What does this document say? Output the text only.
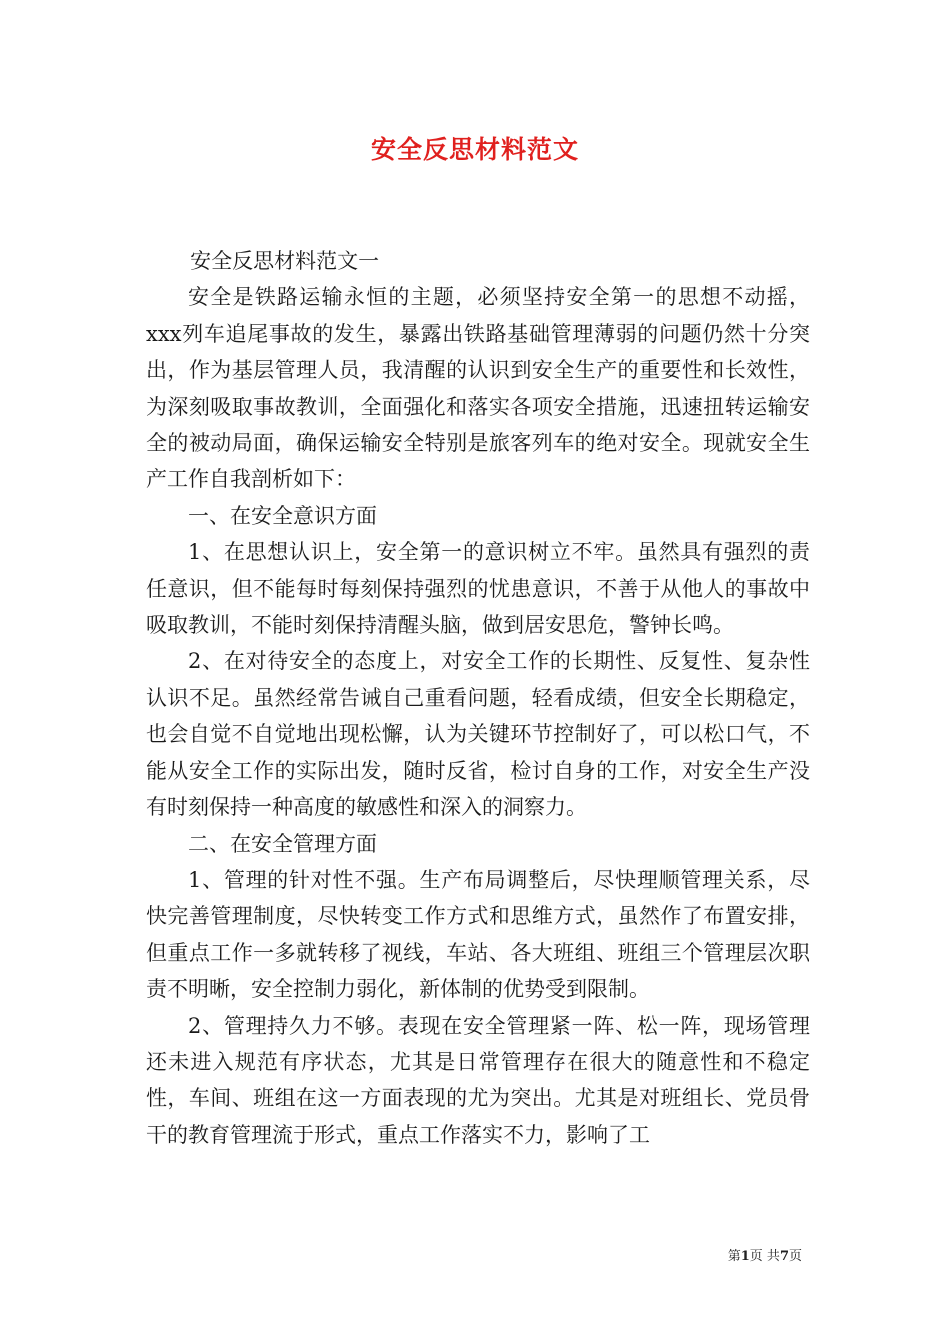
安全反思材料范文

安全反思材料范文一

安全是铁路运输永恒的主题，必须坚持安全第一的思想不动摇，xxx列车追尾事故的发生，暴露出铁路基础管理薄弱的问题仍然十分突出，作为基层管理人员，我清醒的认识到安全生产的重要性和长效性，为深刻吸取事故教训，全面强化和落实各项安全措施，迅速扭转运输安全的被动局面，确保运输安全特别是旅客列车的绝对安全。现就安全生产工作自我剖析如下：

一、在安全意识方面

1、在思想认识上，安全第一的意识树立不牢。虽然具有强烈的责任意识，但不能每时每刻保持强烈的忧患意识，不善于从他人的事故中吸取教训，不能时刻保持清醒头脑，做到居安思危，警钟长鸣。

2、在对待安全的态度上，对安全工作的长期性、反复性、复杂性认识不足。虽然经常告诫自己重看问题，轻看成绩，但安全长期稳定，也会自觉不自觉地出现松懈，认为关键环节控制好了，可以松口气，不能从安全工作的实际出发，随时反省，检讨自身的工作，对安全生产没有时刻保持一种高度的敏感性和深入的洞察力。

二、在安全管理方面

1、管理的针对性不强。生产布局调整后，尽快理顺管理关系，尽快完善管理制度，尽快转变工作方式和思维方式，虽然作了布置安排，但重点工作一多就转移了视线，车站、各大班组、班组三个管理层次职责不明晰，安全控制力弱化，新体制的优势受到限制。

2、管理持久力不够。表现在安全管理紧一阵、松一阵，现场管理还未进入规范有序状态，尤其是日常管理存在很大的随意性和不稳定性，车间、班组在这一方面表现的尤为突出。尤其是对班组长、党员骨干的教育管理流于形式，重点工作落实不力，影响了工

第1页 共7页
